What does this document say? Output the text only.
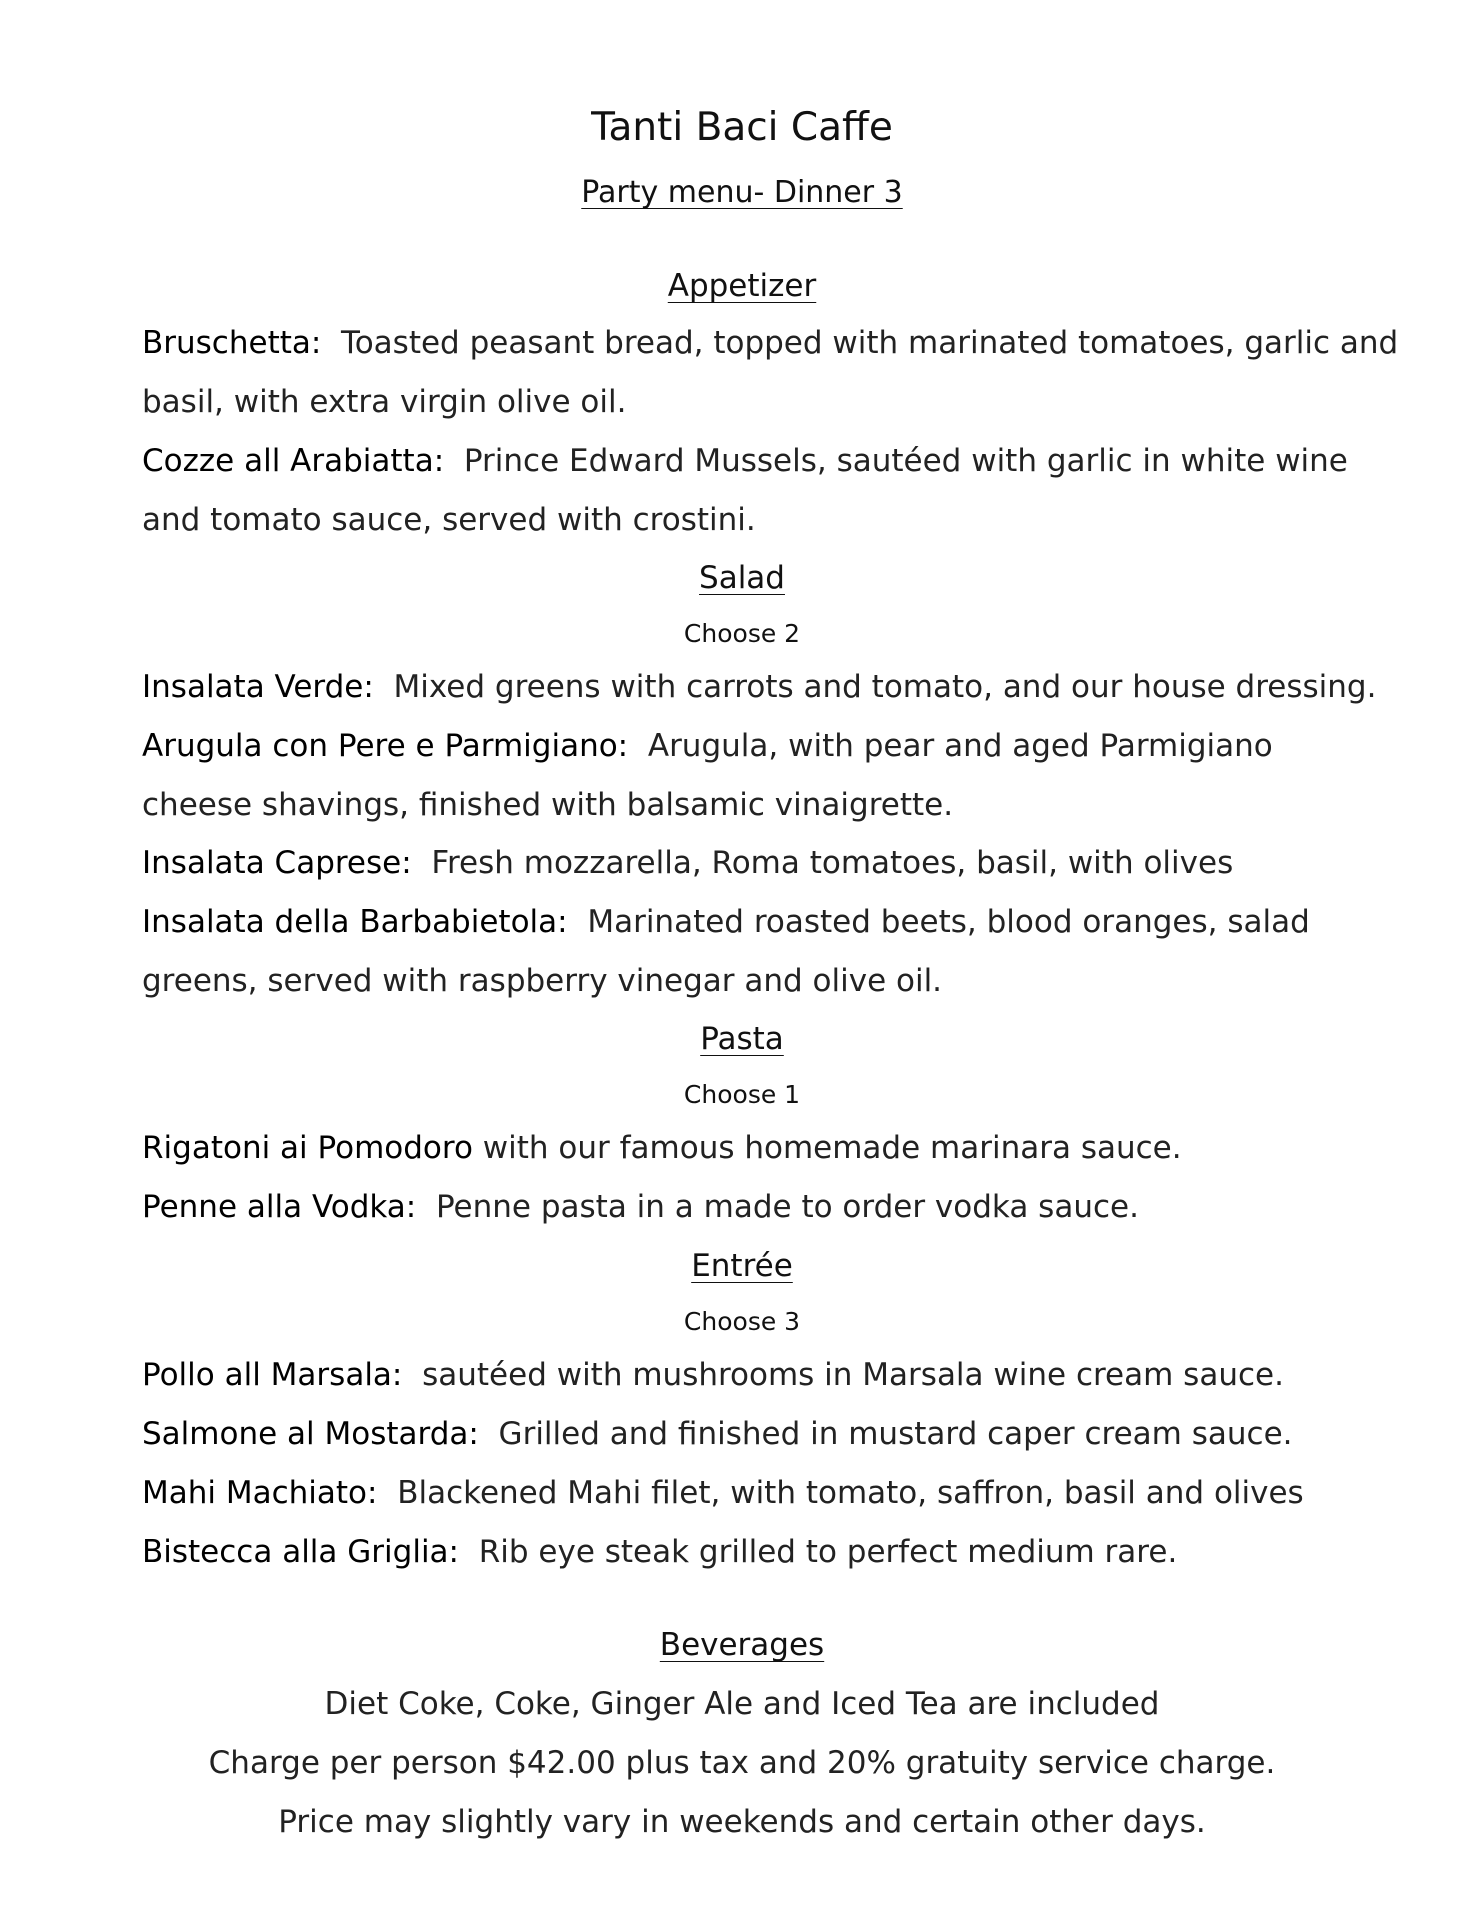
Tanti Baci Caffe
Party menu- Dinner 3
Appetizer
Bruschetta: Toasted peasant bread, topped with marinated tomatoes, garlic and
basil, with extra virgin olive oil.
Cozze all Arabiatta: Prince Edward Mussels, sautéed with garlic in white wine
and tomato sauce, served with crostini.
Salad
Choose 2
Insalata Verde: Mixed greens with carrots and tomato, and our house dressing.
Arugula con Pere e Parmigiano: Arugula, with pear and aged Parmigiano
cheese shavings, finished with balsamic vinaigrette.
Insalata Caprese: Fresh mozzarella, Roma tomatoes, basil, with olives
Insalata della Barbabietola: Marinated roasted beets, blood oranges, salad
greens, served with raspberry vinegar and olive oil.
Pasta
Choose 1
Rigatoni ai Pomodoro with our famous homemade marinara sauce.
Penne alla Vodka: Penne pasta in a made to order vodka sauce.
Entrée
Choose 3
Pollo all Marsala: sautéed with mushrooms in Marsala wine cream sauce.
Salmone al Mostarda: Grilled and finished in mustard caper cream sauce.
Mahi Machiato: Blackened Mahi filet, with tomato, saffron, basil and olives
Bistecca alla Griglia: Rib eye steak grilled to perfect medium rare.
Beverages
Diet Coke, Coke, Ginger Ale and Iced Tea are included
Charge per person $42.00 plus tax and 20% gratuity service charge.
Price may slightly vary in weekends and certain other days.
